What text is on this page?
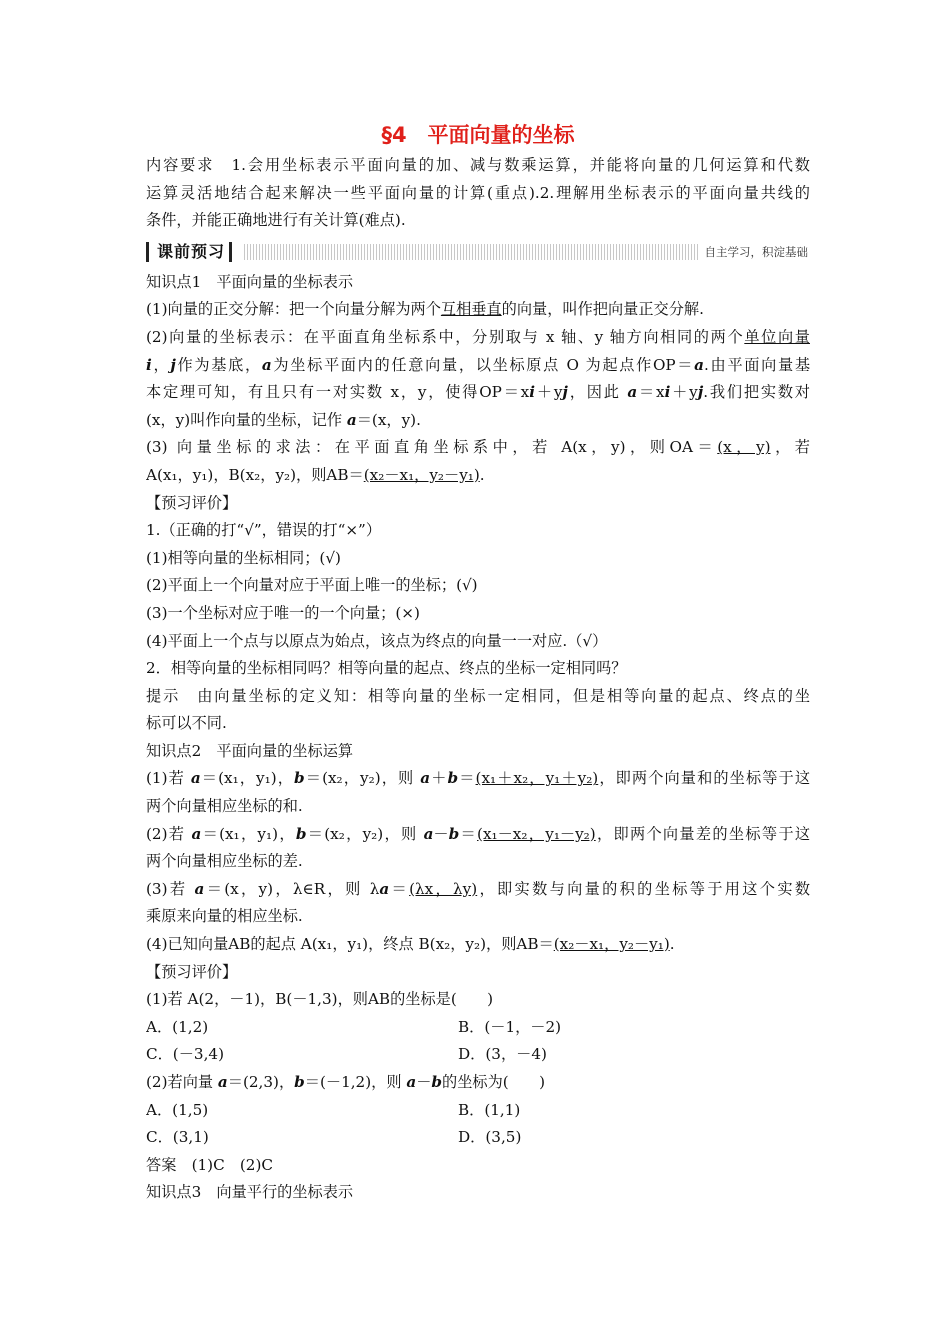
§4　平面向量的坐标
内容要求　1.会用坐标表示平面向量的加、减与数乘运算，并能将向量的几何运算和代数
运算灵活地结合起来解决一些平面向量的计算(重点).2.理解用坐标表示的平面向量共线的
条件，并能正确地进行有关计算(难点).
课前预习	自主学习，积淀基础
知识点1　平面向量的坐标表示
(1)向量的正交分解：把一个向量分解为两个互相垂直的向量，叫作把向量正交分解.
(2)向量的坐标表示：在平面直角坐标系中，分别取与 x 轴、y 轴方向相同的两个单位向量
i，j作为基底，a为坐标平面内的任意向量，以坐标原点 O 为起点作OP＝a.由平面向量基
本定理可知，有且只有一对实数 x，y，使得OP＝xi＋yj，因此 a＝xi＋yj.我们把实数对
(x，y)叫作向量的坐标，记作 a＝(x，y).
(3) 向量坐标的求法：在平面直角坐标系中，若 A(x，y)，则OA＝(x，y)，若
A(x₁，y₁)，B(x₂，y₂)，则AB＝(x₂－x₁，y₂－y₁).
【预习评价】
1.（正确的打“√”，错误的打“×”）
(1)相等向量的坐标相同；(√)
(2)平面上一个向量对应于平面上唯一的坐标；(√)
(3)一个坐标对应于唯一的一个向量；(×)
(4)平面上一个点与以原点为始点，该点为终点的向量一一对应.（√）
2．相等向量的坐标相同吗？相等向量的起点、终点的坐标一定相同吗？
提示　由向量坐标的定义知：相等向量的坐标一定相同，但是相等向量的起点、终点的坐
标可以不同.
知识点2　平面向量的坐标运算
(1)若 a＝(x₁，y₁)，b＝(x₂，y₂)，则 a＋b＝(x₁＋x₂，y₁＋y₂)，即两个向量和的坐标等于这
两个向量相应坐标的和.
(2)若 a＝(x₁，y₁)，b＝(x₂，y₂)，则 a－b＝(x₁－x₂，y₁－y₂)，即两个向量差的坐标等于这
两个向量相应坐标的差.
(3)若 a＝(x，y)，λ∈R，则 λa＝(λx，λy)，即实数与向量的积的坐标等于用这个实数
乘原来向量的相应坐标.
(4)已知向量AB的起点 A(x₁，y₁)，终点 B(x₂，y₂)，则AB＝(x₂－x₁，y₂－y₁).
【预习评价】
(1)若 A(2，－1)，B(－1,3)，则AB的坐标是(　　)
A．(1,2)	B．(－1，－2)
C．(－3,4)	D．(3，－4)
(2)若向量 a＝(2,3)，b＝(－1,2)，则 a－b的坐标为(　　)
A．(1,5)	B．(1,1)
C．(3,1)	D．(3,5)
答案　(1)C　(2)C
知识点3　向量平行的坐标表示
